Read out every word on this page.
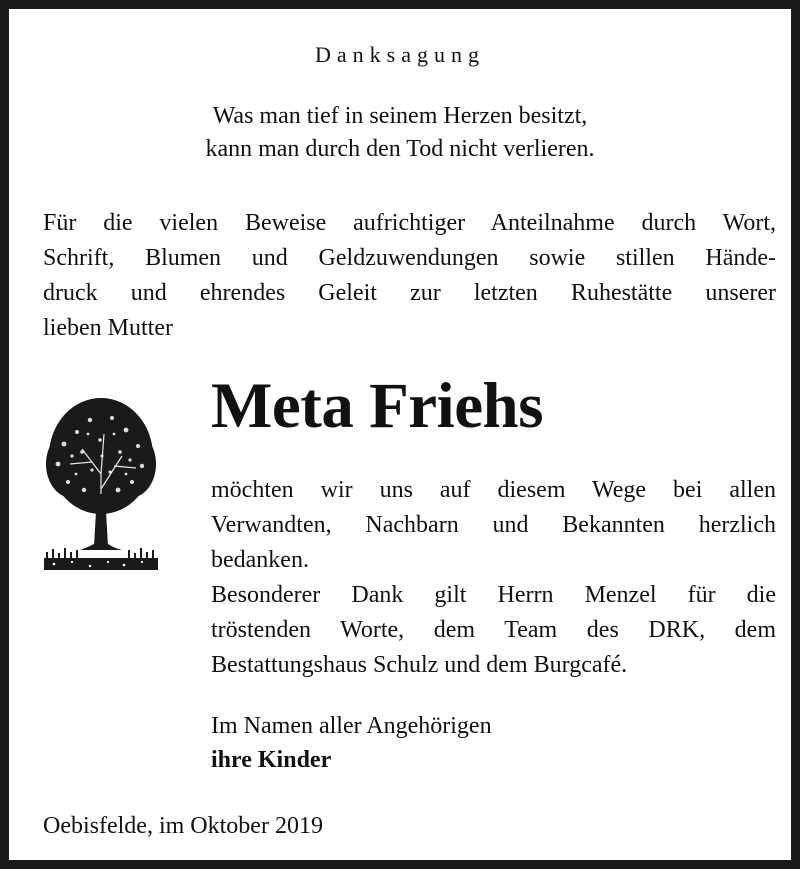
Danksagung
Was man tief in seinem Herzen besitzt,
kann man durch den Tod nicht verlieren.
Für die vielen Beweise aufrichtiger Anteilnahme durch Wort,
Schrift, Blumen und Geldzuwendungen sowie stillen Hände-
druck und ehrendes Geleit zur letzten Ruhestätte unserer
lieben Mutter
Meta Friehs
möchten wir uns auf diesem Wege bei allen
Verwandten, Nachbarn und Bekannten herzlich
bedanken.
Besonderer Dank gilt Herrn Menzel für die
tröstenden Worte, dem Team des DRK, dem
Bestattungshaus Schulz und dem Burgcafé.
Im Namen aller Angehörigen
ihre Kinder
Oebisfelde, im Oktober 2019
